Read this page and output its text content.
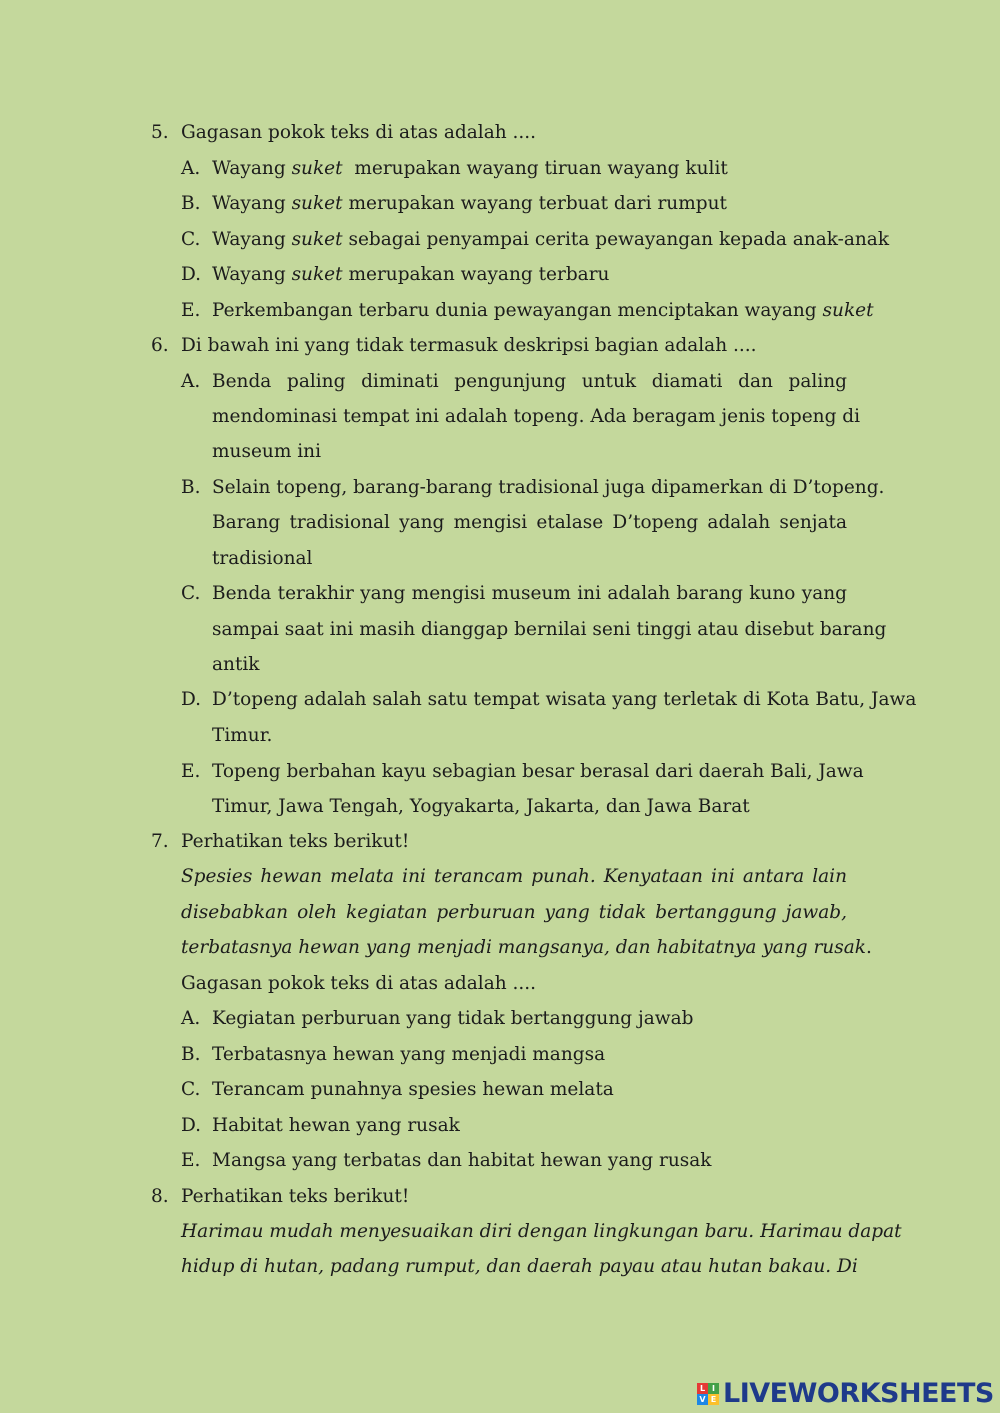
5. Gagasan pokok teks di atas adalah ....
A. Wayang suket  merupakan wayang tiruan wayang kulit
B. Wayang suket merupakan wayang terbuat dari rumput
C. Wayang suket sebagai penyampai cerita pewayangan kepada anak-anak
D. Wayang suket merupakan wayang terbaru
E. Perkembangan terbaru dunia pewayangan menciptakan wayang suket
6. Di bawah ini yang tidak termasuk deskripsi bagian adalah ....
A. Benda paling diminati pengunjung untuk diamati dan paling
mendominasi tempat ini adalah topeng. Ada beragam jenis topeng di
museum ini
B. Selain topeng, barang-barang tradisional juga dipamerkan di D’topeng.
Barang tradisional yang mengisi etalase D’topeng adalah senjata
tradisional
C. Benda terakhir yang mengisi museum ini adalah barang kuno yang
sampai saat ini masih dianggap bernilai seni tinggi atau disebut barang
antik
D. D’topeng adalah salah satu tempat wisata yang terletak di Kota Batu, Jawa
Timur.
E. Topeng berbahan kayu sebagian besar berasal dari daerah Bali, Jawa
Timur, Jawa Tengah, Yogyakarta, Jakarta, dan Jawa Barat
7. Perhatikan teks berikut!
Spesies hewan melata ini terancam punah. Kenyataan ini antara lain
disebabkan oleh kegiatan perburuan yang tidak bertanggung jawab,
terbatasnya hewan yang menjadi mangsanya, dan habitatnya yang rusak.
Gagasan pokok teks di atas adalah ....
A. Kegiatan perburuan yang tidak bertanggung jawab
B. Terbatasnya hewan yang menjadi mangsa
C. Terancam punahnya spesies hewan melata
D. Habitat hewan yang rusak
E. Mangsa yang terbatas dan habitat hewan yang rusak
8. Perhatikan teks berikut!
Harimau mudah menyesuaikan diri dengan lingkungan baru. Harimau dapat
hidup di hutan, padang rumput, dan daerah payau atau hutan bakau. Di
L I
V E LIVEWORKSHEETS
